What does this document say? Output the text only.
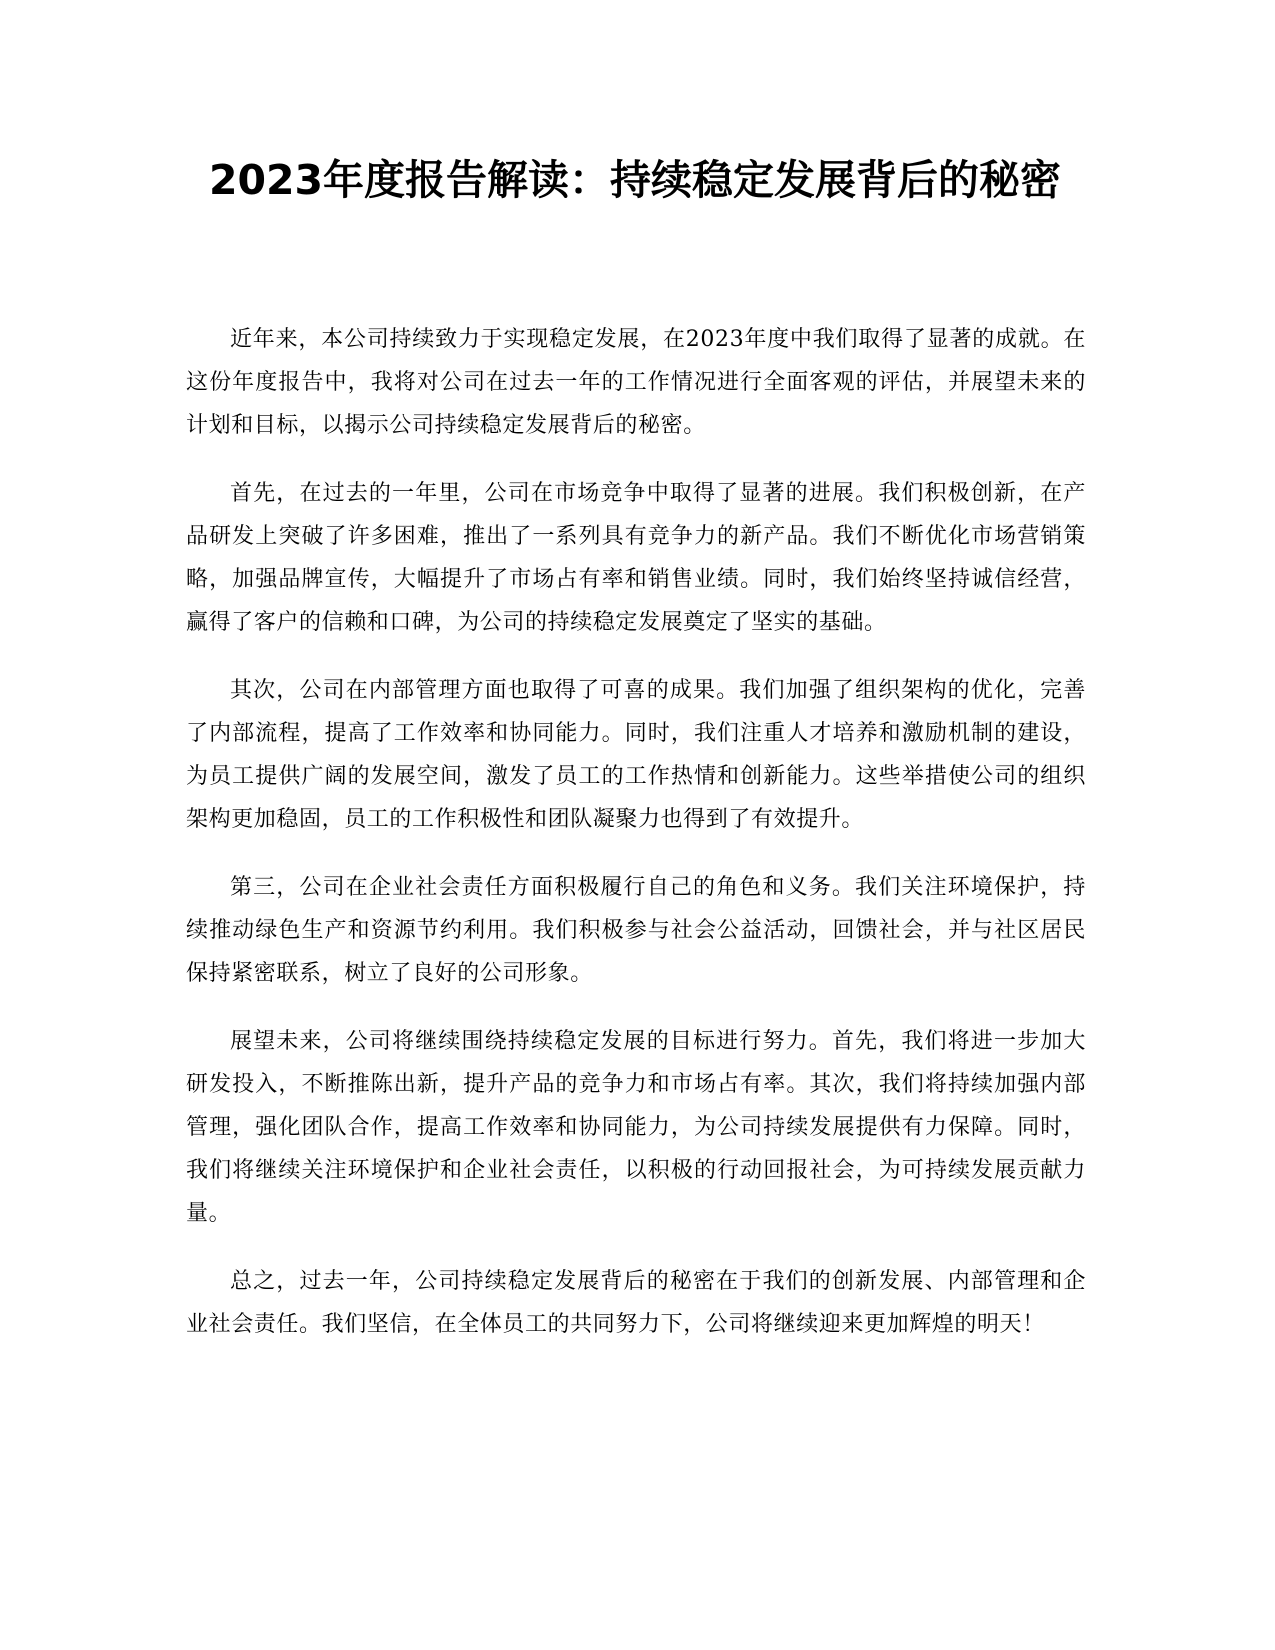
2023年度报告解读：持续稳定发展背后的秘密

近年来，本公司持续致力于实现稳定发展，在2023年度中我们取得了显著的成就。在这份年度报告中，我将对公司在过去一年的工作情况进行全面客观的评估，并展望未来的计划和目标，以揭示公司持续稳定发展背后的秘密。

首先，在过去的一年里，公司在市场竞争中取得了显著的进展。我们积极创新，在产品研发上突破了许多困难，推出了一系列具有竞争力的新产品。我们不断优化市场营销策略，加强品牌宣传，大幅提升了市场占有率和销售业绩。同时，我们始终坚持诚信经营，赢得了客户的信赖和口碑，为公司的持续稳定发展奠定了坚实的基础。

其次，公司在内部管理方面也取得了可喜的成果。我们加强了组织架构的优化，完善了内部流程，提高了工作效率和协同能力。同时，我们注重人才培养和激励机制的建设，为员工提供广阔的发展空间，激发了员工的工作热情和创新能力。这些举措使公司的组织架构更加稳固，员工的工作积极性和团队凝聚力也得到了有效提升。

第三，公司在企业社会责任方面积极履行自己的角色和义务。我们关注环境保护，持续推动绿色生产和资源节约利用。我们积极参与社会公益活动，回馈社会，并与社区居民保持紧密联系，树立了良好的公司形象。

展望未来，公司将继续围绕持续稳定发展的目标进行努力。首先，我们将进一步加大研发投入，不断推陈出新，提升产品的竞争力和市场占有率。其次，我们将持续加强内部管理，强化团队合作，提高工作效率和协同能力，为公司持续发展提供有力保障。同时，我们将继续关注环境保护和企业社会责任，以积极的行动回报社会，为可持续发展贡献力量。

总之，过去一年，公司持续稳定发展背后的秘密在于我们的创新发展、内部管理和企业社会责任。我们坚信，在全体员工的共同努力下，公司将继续迎来更加辉煌的明天！
